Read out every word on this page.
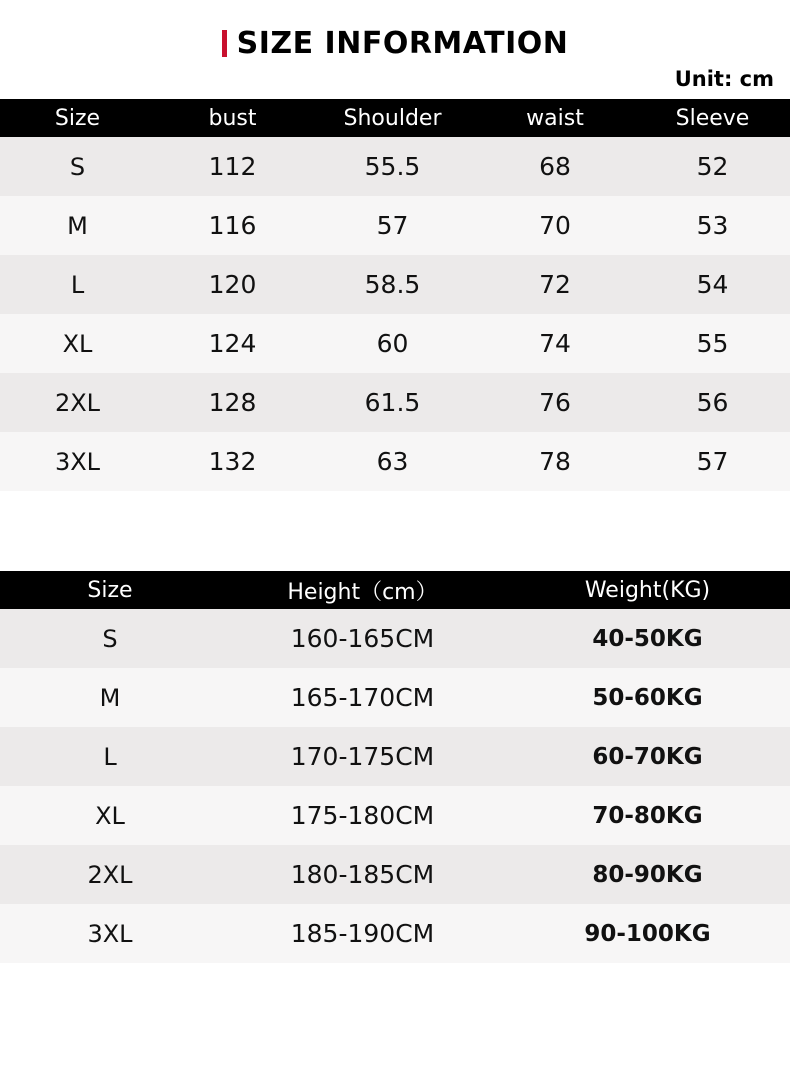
SIZE INFORMATION
Unit: cm
Size	bust	Shoulder	waist	Sleeve
S	112	55.5	68	52
M	116	57	70	53
L	120	58.5	72	54
XL	124	60	74	55
2XL	128	61.5	76	56
3XL	132	63	78	57
Size	Height（cm）	Weight(KG)
S	160-165CM	40-50KG
M	165-170CM	50-60KG
L	170-175CM	60-70KG
XL	175-180CM	70-80KG
2XL	180-185CM	80-90KG
3XL	185-190CM	90-100KG
